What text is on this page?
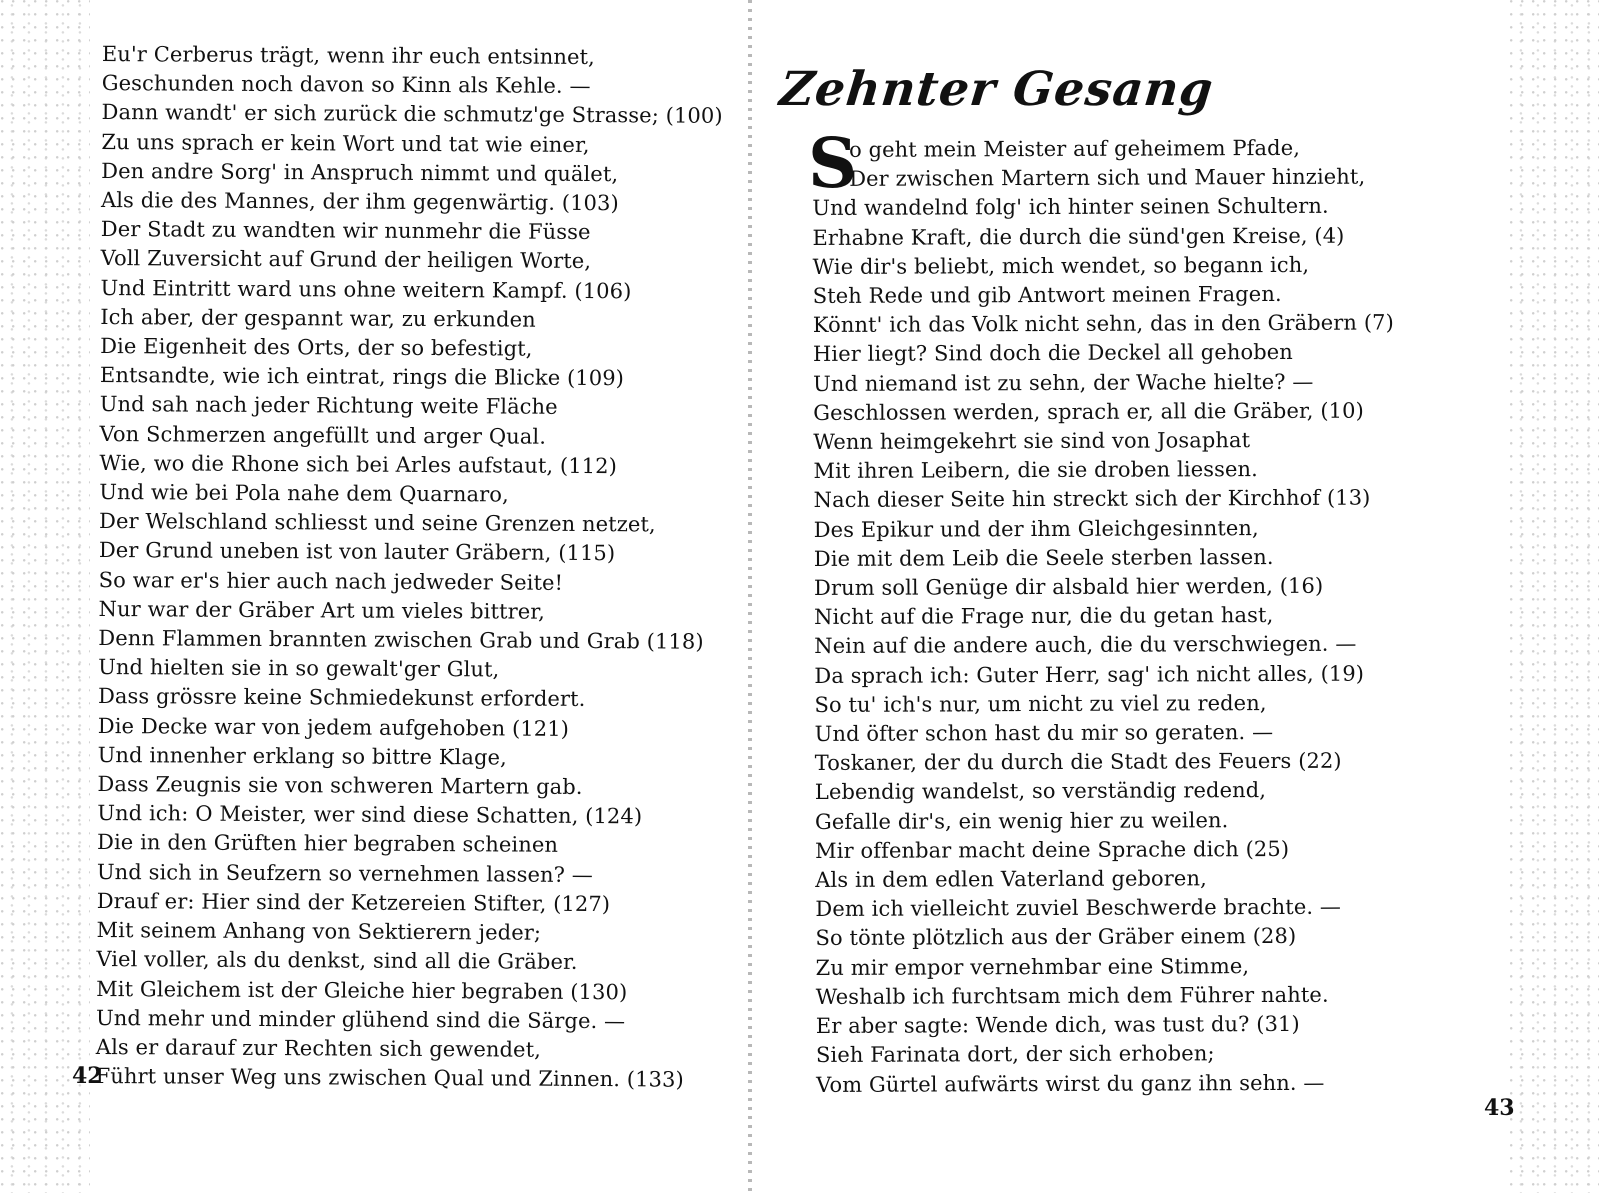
Eu'r Cerberus trägt, wenn ihr euch entsinnet,
Geschunden noch davon so Kinn als Kehle. —
Dann wandt' er sich zurück die schmutz'ge Strasse; (100)
Zu uns sprach er kein Wort und tat wie einer,
Den andre Sorg' in Anspruch nimmt und quälet,
Als die des Mannes, der ihm gegenwärtig. (103)
Der Stadt zu wandten wir nunmehr die Füsse
Voll Zuversicht auf Grund der heiligen Worte,
Und Eintritt ward uns ohne weitern Kampf. (106)
Ich aber, der gespannt war, zu erkunden
Die Eigenheit des Orts, der so befestigt,
Entsandte, wie ich eintrat, rings die Blicke (109)
Und sah nach jeder Richtung weite Fläche
Von Schmerzen angefüllt und arger Qual.
Wie, wo die Rhone sich bei Arles aufstaut, (112)
Und wie bei Pola nahe dem Quarnaro,
Der Welschland schliesst und seine Grenzen netzet,
Der Grund uneben ist von lauter Gräbern, (115)
So war er's hier auch nach jedweder Seite!
Nur war der Gräber Art um vieles bittrer,
Denn Flammen brannten zwischen Grab und Grab (118)
Und hielten sie in so gewalt'ger Glut,
Dass grössre keine Schmiedekunst erfordert.
Die Decke war von jedem aufgehoben (121)
Und innenher erklang so bittre Klage,
Dass Zeugnis sie von schweren Martern gab.
Und ich: O Meister, wer sind diese Schatten, (124)
Die in den Grüften hier begraben scheinen
Und sich in Seufzern so vernehmen lassen? —
Drauf er: Hier sind der Ketzereien Stifter, (127)
Mit seinem Anhang von Sektierern jeder;
Viel voller, als du denkst, sind all die Gräber.
Mit Gleichem ist der Gleiche hier begraben (130)
Und mehr und minder glühend sind die Särge. —
Als er darauf zur Rechten sich gewendet,
Führt unser Weg uns zwischen Qual und Zinnen. (133)
42
Zehnter Gesang
S
o geht mein Meister auf geheimem Pfade,
Der zwischen Martern sich und Mauer hinzieht,
Und wandelnd folg' ich hinter seinen Schultern.
Erhabne Kraft, die durch die sünd'gen Kreise, (4)
Wie dir's beliebt, mich wendet, so begann ich,
Steh Rede und gib Antwort meinen Fragen.
Könnt' ich das Volk nicht sehn, das in den Gräbern (7)
Hier liegt? Sind doch die Deckel all gehoben
Und niemand ist zu sehn, der Wache hielte? —
Geschlossen werden, sprach er, all die Gräber, (10)
Wenn heimgekehrt sie sind von Josaphat
Mit ihren Leibern, die sie droben liessen.
Nach dieser Seite hin streckt sich der Kirchhof (13)
Des Epikur und der ihm Gleichgesinnten,
Die mit dem Leib die Seele sterben lassen.
Drum soll Genüge dir alsbald hier werden, (16)
Nicht auf die Frage nur, die du getan hast,
Nein auf die andere auch, die du verschwiegen. —
Da sprach ich: Guter Herr, sag' ich nicht alles, (19)
So tu' ich's nur, um nicht zu viel zu reden,
Und öfter schon hast du mir so geraten. —
Toskaner, der du durch die Stadt des Feuers (22)
Lebendig wandelst, so verständig redend,
Gefalle dir's, ein wenig hier zu weilen.
Mir offenbar macht deine Sprache dich (25)
Als in dem edlen Vaterland geboren,
Dem ich vielleicht zuviel Beschwerde brachte. —
So tönte plötzlich aus der Gräber einem (28)
Zu mir empor vernehmbar eine Stimme,
Weshalb ich furchtsam mich dem Führer nahte.
Er aber sagte: Wende dich, was tust du? (31)
Sieh Farinata dort, der sich erhoben;
Vom Gürtel aufwärts wirst du ganz ihn sehn. —
43
